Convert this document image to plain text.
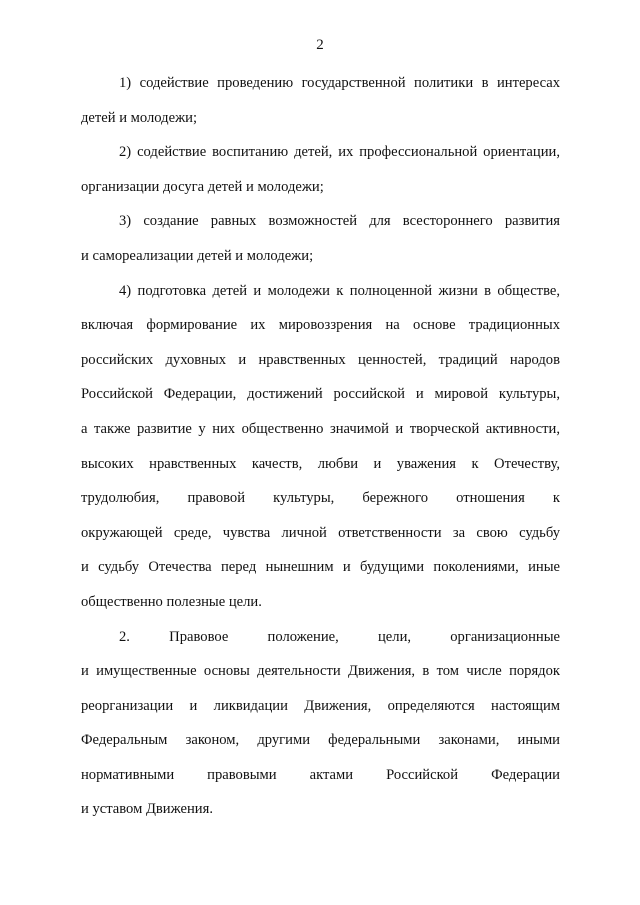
2
1) содействие проведению государственной политики в интересах
детей и молодежи;
2) содействие воспитанию детей, их профессиональной ориентации,
организации досуга детей и молодежи;
3) создание равных возможностей для всестороннего развития
и самореализации детей и молодежи;
4) подготовка детей и молодежи к полноценной жизни в обществе,
включая формирование их мировоззрения на основе традиционных
российских духовных и нравственных ценностей, традиций народов
Российской Федерации, достижений российской и мировой культуры,
а также развитие у них общественно значимой и творческой активности,
высоких нравственных качеств, любви и уважения к Отечеству,
трудолюбия, правовой культуры, бережного отношения к
окружающей среде, чувства личной ответственности за свою судьбу
и судьбу Отечества перед нынешним и будущими поколениями, иные
общественно полезные цели.
2. Правовое положение, цели, организационные
и имущественные основы деятельности Движения, в том числе порядок
реорганизации и ликвидации Движения, определяются настоящим
Федеральным законом, другими федеральными законами, иными
нормативными правовыми актами Российской Федерации
и уставом Движения.
